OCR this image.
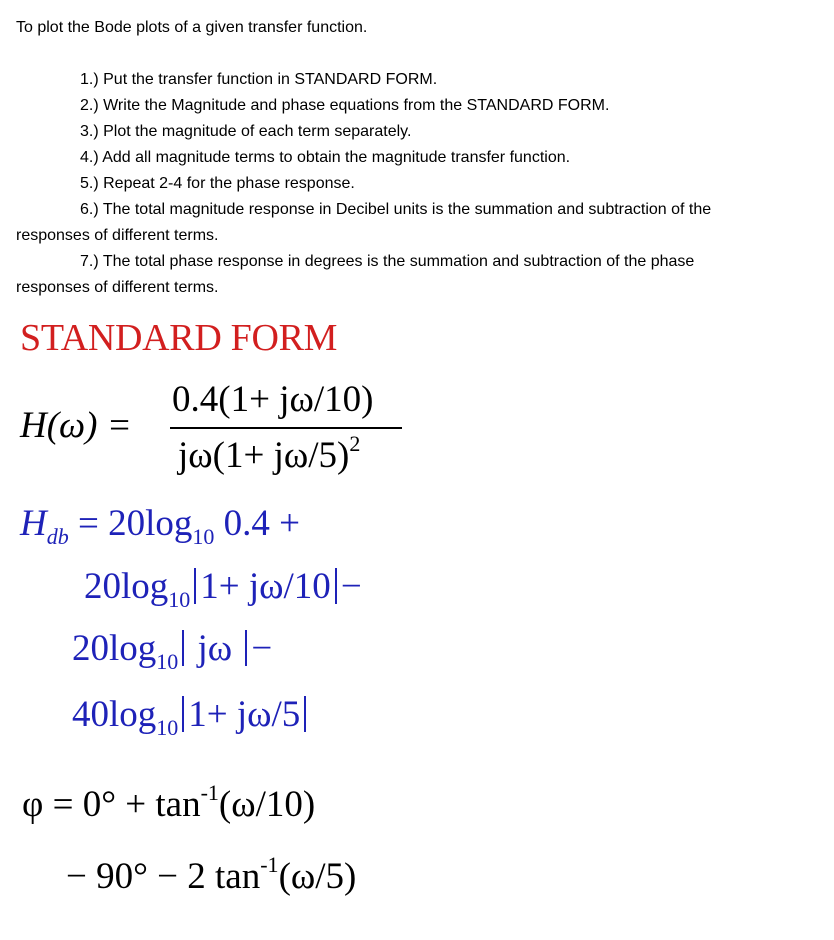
To plot the Bode plots of a given transfer function.
1.) Put the transfer function in STANDARD FORM.
2.) Write the Magnitude and phase equations from the STANDARD FORM.
3.) Plot the magnitude of each term separately.
4.) Add all magnitude terms to obtain the magnitude transfer function.
5.) Repeat 2-4 for the phase response.
6.) The total magnitude response in Decibel units is the summation and subtraction of the
responses of different terms.
7.) The total phase response in degrees is the summation and subtraction of the phase
responses of different terms.
STANDARD FORM
H(ω) =
0.4(1+ jω/10)
$j\omega(1+ j\omega/5)^2$
$H_{db} = 20\log_{10}$ 0.4 +
$20\log_{10}$ 1+ jω/10 −
$20\log_{10}$ jω −
$40\log_{10}$ 1+ jω/5
$\varphi = 0^\circ + \tan^{-1}(\omega/10)$
− 90° − 2 $\tan^{-1}(\omega/5)$
